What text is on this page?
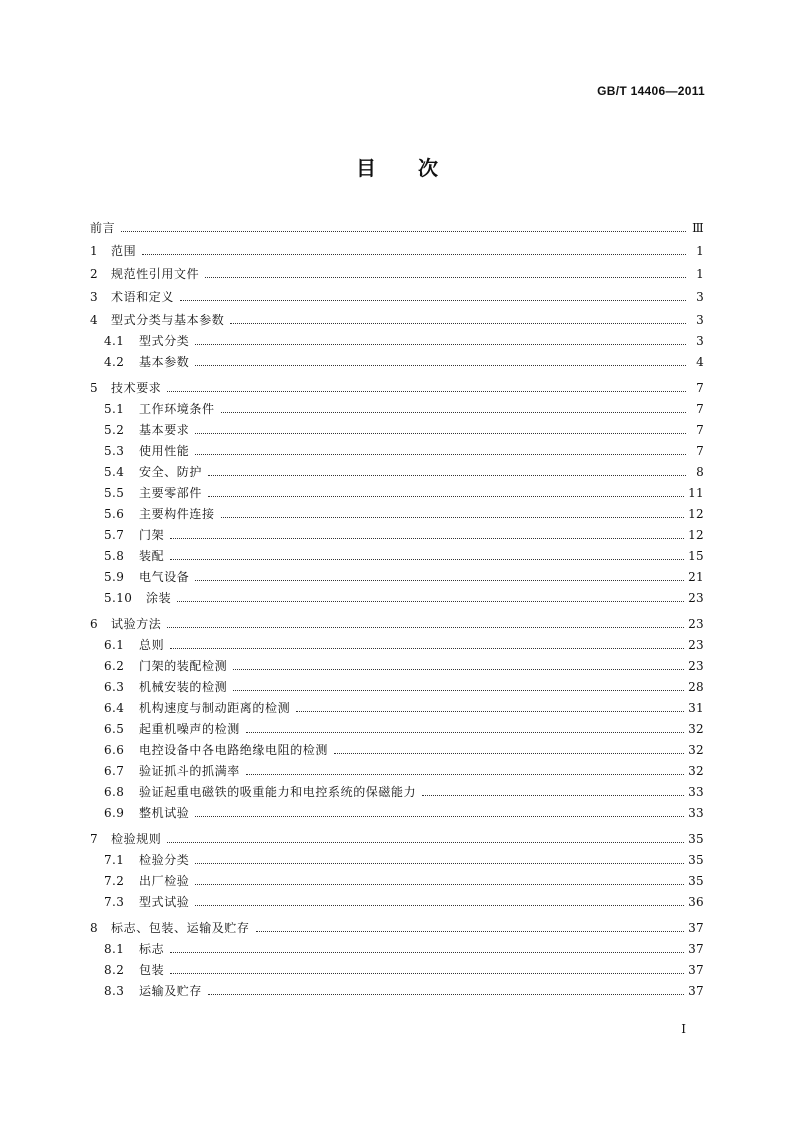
GB/T 14406—2011
目 次
前言	Ⅲ
1	范围	1
2	规范性引用文件	1
3	术语和定义	3
4	型式分类与基本参数	3
4.1	型式分类	3
4.2	基本参数	4
5	技术要求	7
5.1	工作环境条件	7
5.2	基本要求	7
5.3	使用性能	7
5.4	安全、防护	8
5.5	主要零部件	11
5.6	主要构件连接	12
5.7	门架	12
5.8	装配	15
5.9	电气设备	21
5.10	涂装	23
6	试验方法	23
6.1	总则	23
6.2	门架的装配检测	23
6.3	机械安装的检测	28
6.4	机构速度与制动距离的检测	31
6.5	起重机噪声的检测	32
6.6	电控设备中各电路绝缘电阻的检测	32
6.7	验证抓斗的抓满率	32
6.8	验证起重电磁铁的吸重能力和电控系统的保磁能力	33
6.9	整机试验	33
7	检验规则	35
7.1	检验分类	35
7.2	出厂检验	35
7.3	型式试验	36
8	标志、包装、运输及贮存	37
8.1	标志	37
8.2	包装	37
8.3	运输及贮存	37
I
